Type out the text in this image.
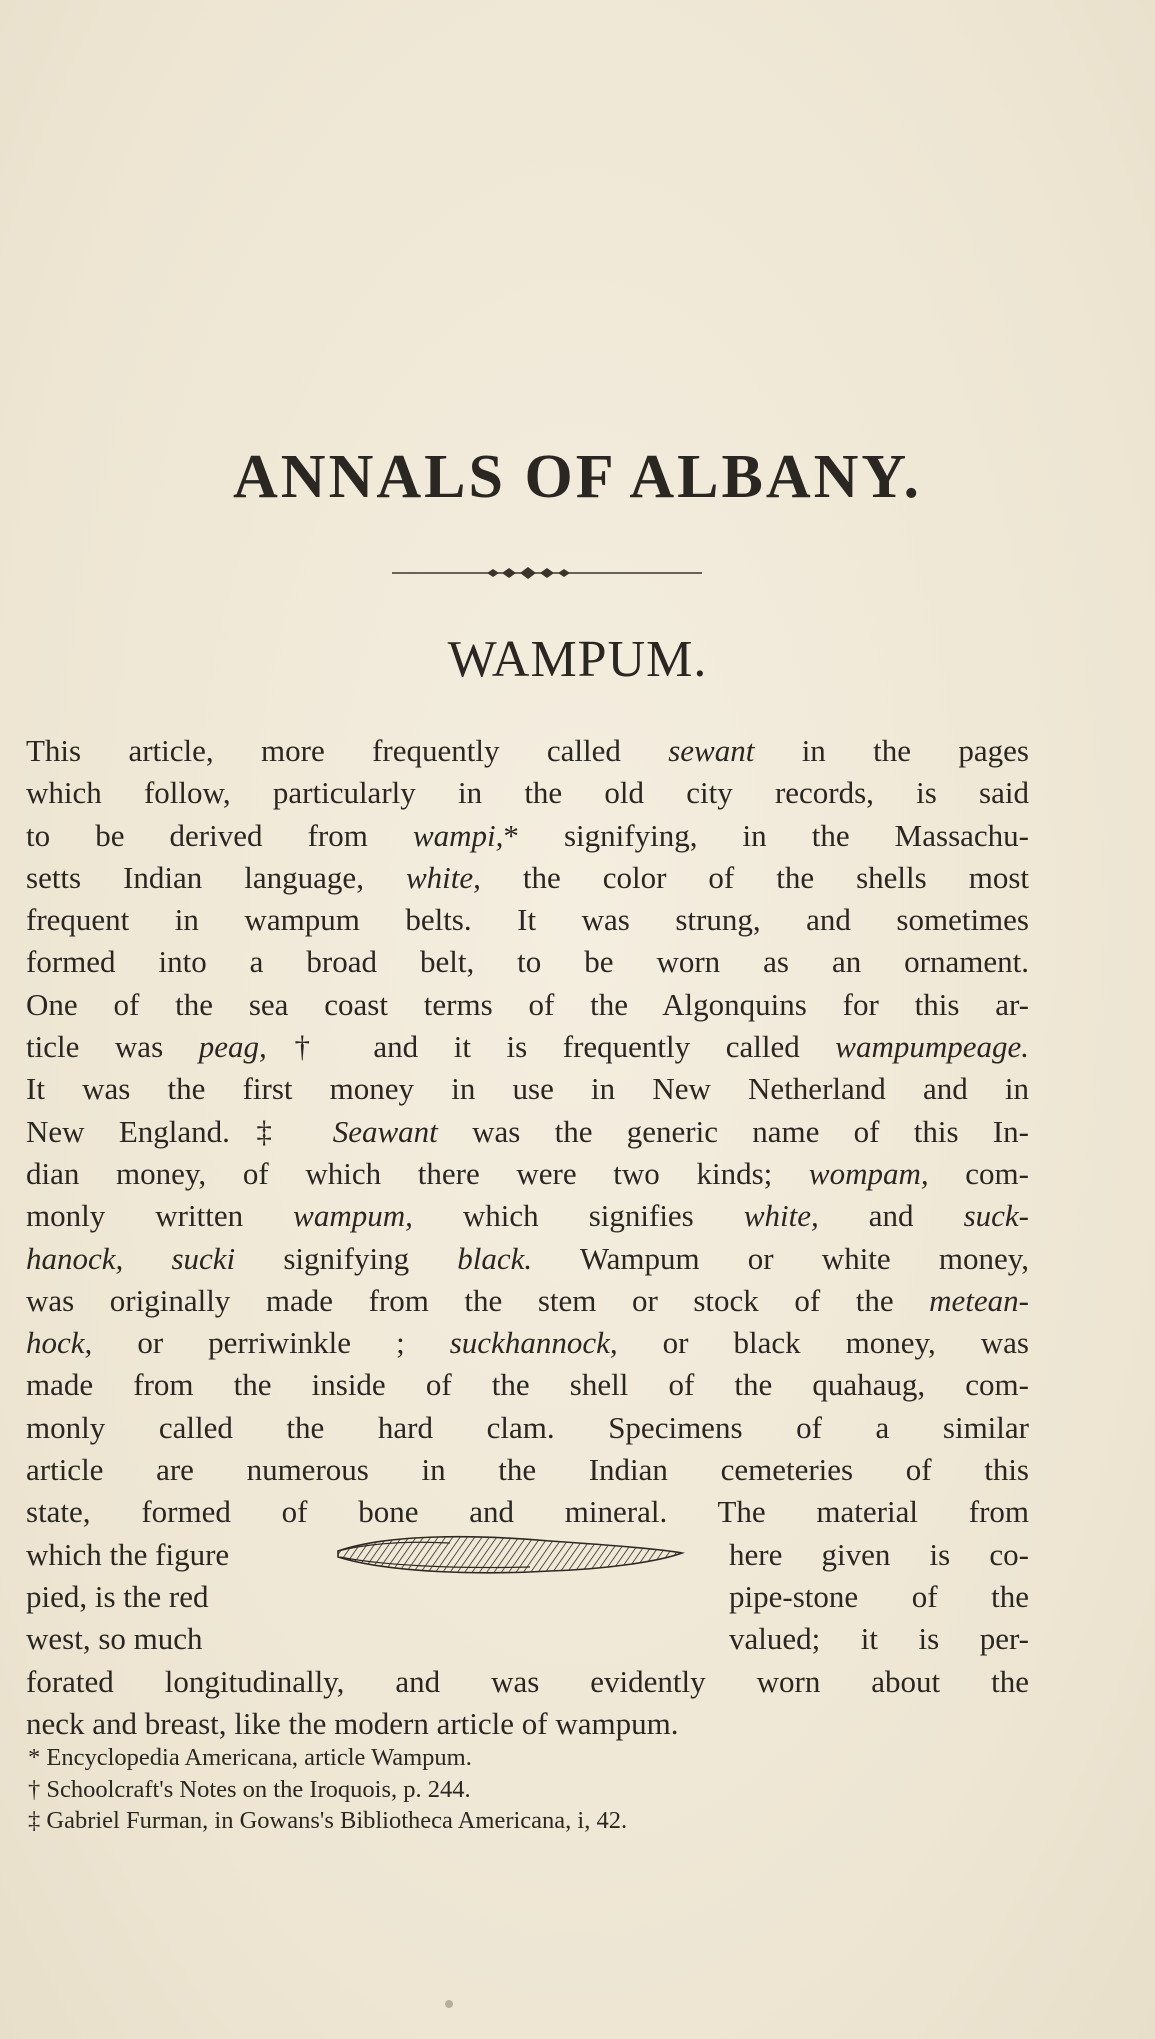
ANNALS OF ALBANY.
WAMPUM.
This article, more frequently called sewant in the pages
which follow, particularly in the old city records, is said
to be derived from wampi,* signifying, in the Massachu-
setts Indian language, white, the color of the shells most
frequent in wampum belts. It was strung, and sometimes
formed into a broad belt, to be worn as an ornament.
One of the sea coast terms of the Algonquins for this ar-
ticle was peag,† and it is frequently called wampumpeage.
It was the first money in use in New Netherland and in
New England.‡ Seawant was the generic name of this In-
dian money, of which there were two kinds; wompam, com-
monly written wampum, which signifies white, and suck-
hanock, sucki signifying black. Wampum or white money,
was originally made from the stem or stock of the metean-
hock, or perriwinkle ; suckhannock, or black money, was
made from the inside of the shell of the quahaug, com-
monly called the hard clam. Specimens of a similar
article are numerous in the Indian cemeteries of this
state, formed of bone and mineral. The material from
which the figure	here given is co-
pied, is the red	pipe-stone of the
west, so much	valued; it is per-
forated longitudinally, and was evidently worn about the
neck and breast, like the modern article of wampum.
* Encyclopedia Americana, article Wampum.
† Schoolcraft's Notes on the Iroquois, p. 244.
‡ Gabriel Furman, in Gowans's Bibliotheca Americana, i, 42.
